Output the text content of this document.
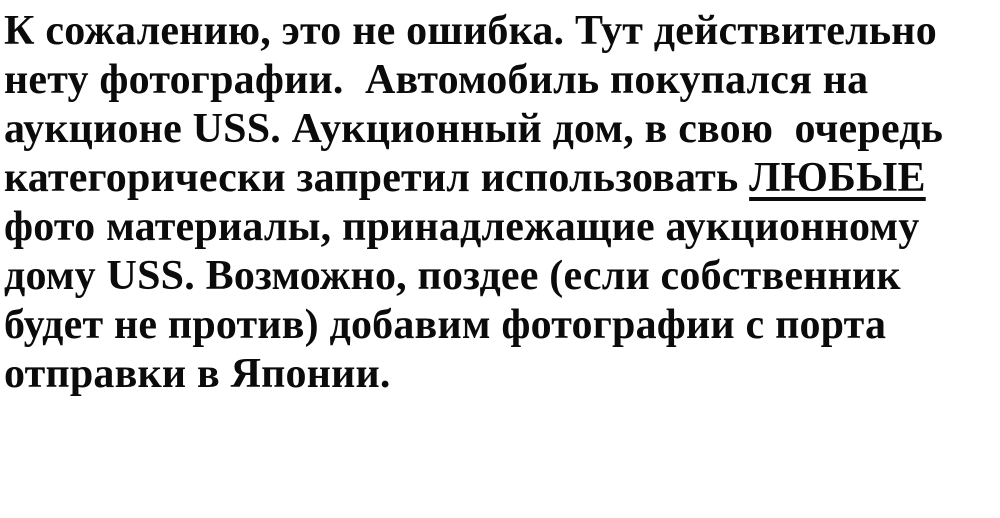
К сожалению, это не ошибка. Тут действительно
нету фотографии.  Автомобиль покупался на
аукционе USS. Аукционный дом, в свою  очередь
категорически запретил использовать ЛЮБЫЕ
фото материалы, принадлежащие аукционному
дому USS. Возможно, поздее (если собственник
будет не против) добавим фотографии с порта
отправки в Японии.
